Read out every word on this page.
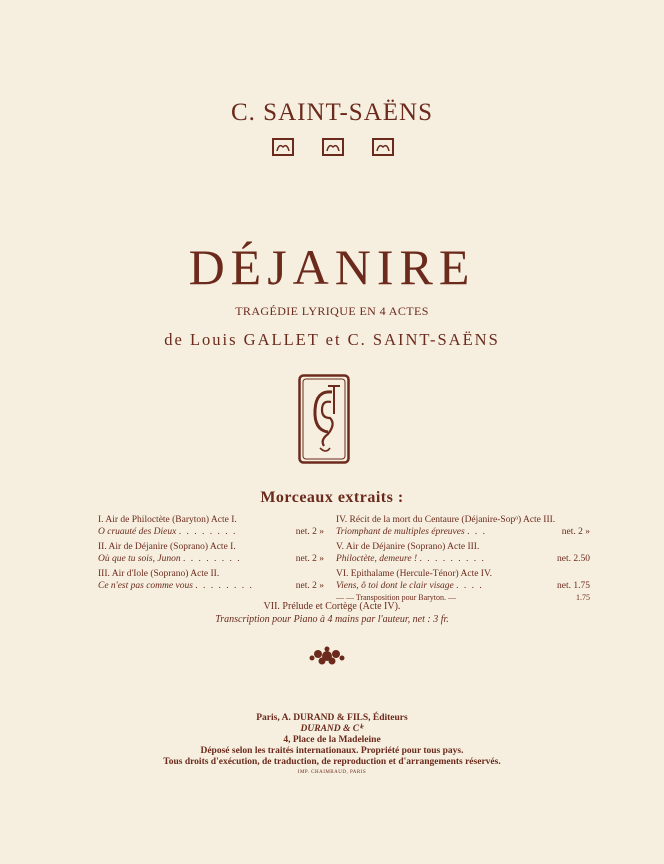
C. SAINT-SAËNS
DÉJANIRE
TRAGÉDIE LYRIQUE EN 4 ACTES
de Louis GALLET et C. SAINT-SAËNS
Morceaux extraits :
I. Air de Philoctète (Baryton) Acte I.
O cruauté des Dieux . . . . . . . .	net. 2 »
II. Air de Déjanire (Soprano) Acte I.
Où que tu sois, Junon . . . . . . . .	net. 2 »
III. Air d'Iole (Soprano) Acte II.
Ce n'est pas comme vous . . . . . . . .	net. 2 »
IV. Récit de la mort du Centaure (Déjanire-Sopᵒ) Acte III.
Triomphant de multiples épreuves . . .	net. 2 »
V. Air de Déjanire (Soprano) Acte III.
Philoctète, demeure ! . . . . . . . . .	net. 2.50
VI. Epithalame (Hercule-Ténor) Acte IV.
Viens, ô toi dont le clair visage . . . .	net. 1.75
— — Transposition pour Baryton. —	1.75
VII. Prélude et Cortège (Acte IV).
Transcription pour Piano à 4 mains par l'auteur, net : 3 fr.
Paris, A. DURAND & FILS, Éditeurs
DURAND & Cⁱᵉ
4, Place de la Madeleine
Déposé selon les traités internationaux. Propriété pour tous pays.
Tous droits d'exécution, de traduction, de reproduction et d'arrangements réservés.
IMP. CHAIMBAUD, PARIS
